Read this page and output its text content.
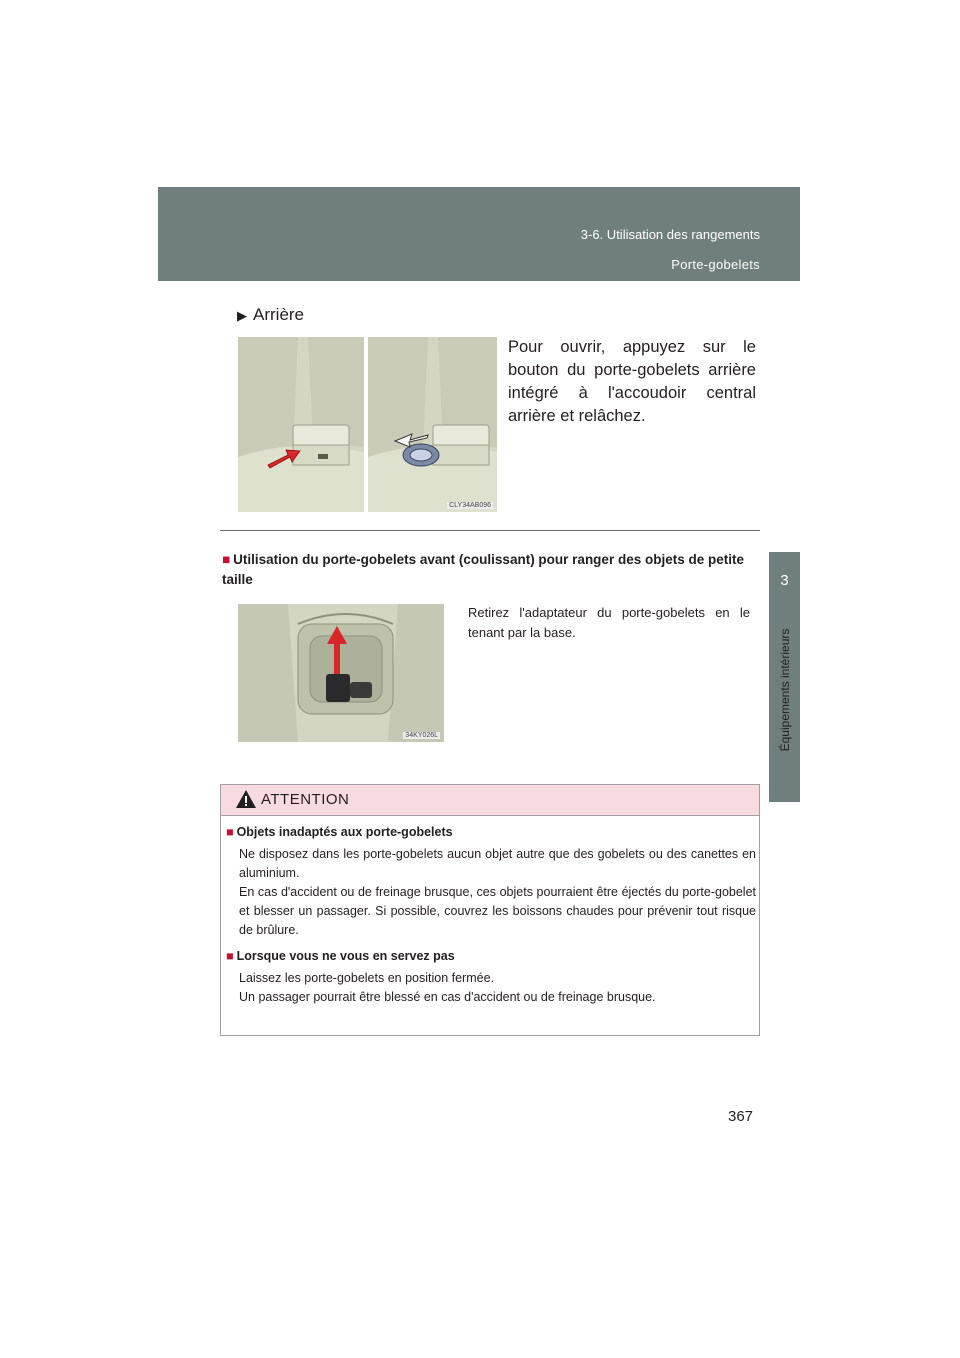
3-6. Utilisation des rangements
Porte-gobelets
3
Équipements intérieurs
▶ Arrière
CLY34AB096
Pour ouvrir, appuyez sur le bouton du porte-gobelets arrière intégré à l'accoudoir central arrière et relâchez.
■ Utilisation du porte-gobelets avant (coulissant) pour ranger des objets de petite taille
34KY026L
Retirez l'adaptateur du porte-gobelets en le tenant par la base.
ATTENTION
■ Objets inadaptés aux porte-gobelets
Ne disposez dans les porte-gobelets aucun objet autre que des gobelets ou des canettes en aluminium.
En cas d'accident ou de freinage brusque, ces objets pourraient être éjectés du porte-gobelet et blesser un passager. Si possible, couvrez les boissons chaudes pour prévenir tout risque de brûlure.
■ Lorsque vous ne vous en servez pas
Laissez les porte-gobelets en position fermée.
Un passager pourrait être blessé en cas d'accident ou de freinage brusque.
367
